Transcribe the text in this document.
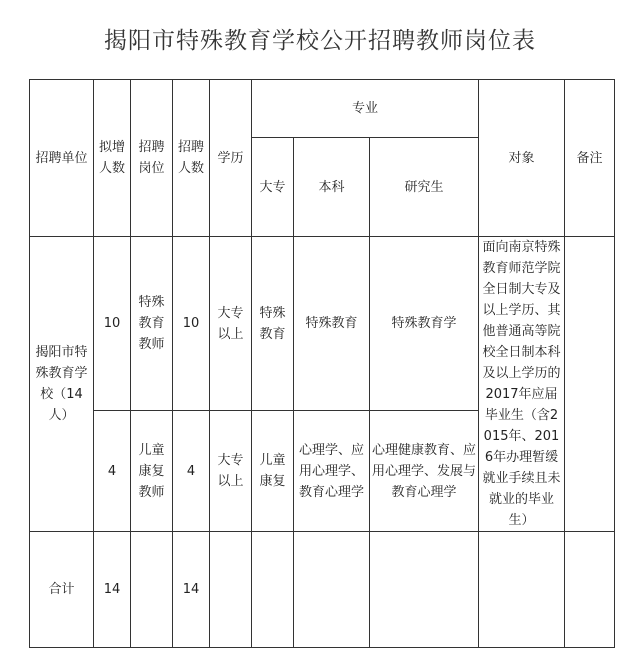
揭阳市特殊教育学校公开招聘教师岗位表
招聘单位	拟增人数	招聘岗位	招聘人数	学历	专业			对象	备注
					大专	本科	研究生		
揭阳市特殊教育学校（14人）	10	特殊教育教师	10	大专以上	特殊教育	特殊教育	特殊教育学	面向南京特殊教育师范学院全日制大专及以上学历、其他普通高等院校全日制本科及以上学历的2017年应届毕业生（含2015年、2016年办理暂缓就业手续且未就业的毕业生）	
	4	儿童康复教师	4	大专以上	儿童康复	心理学、应用心理学、教育心理学	心理健康教育、应用心理学、发展与教育心理学		
合计	14		14						
